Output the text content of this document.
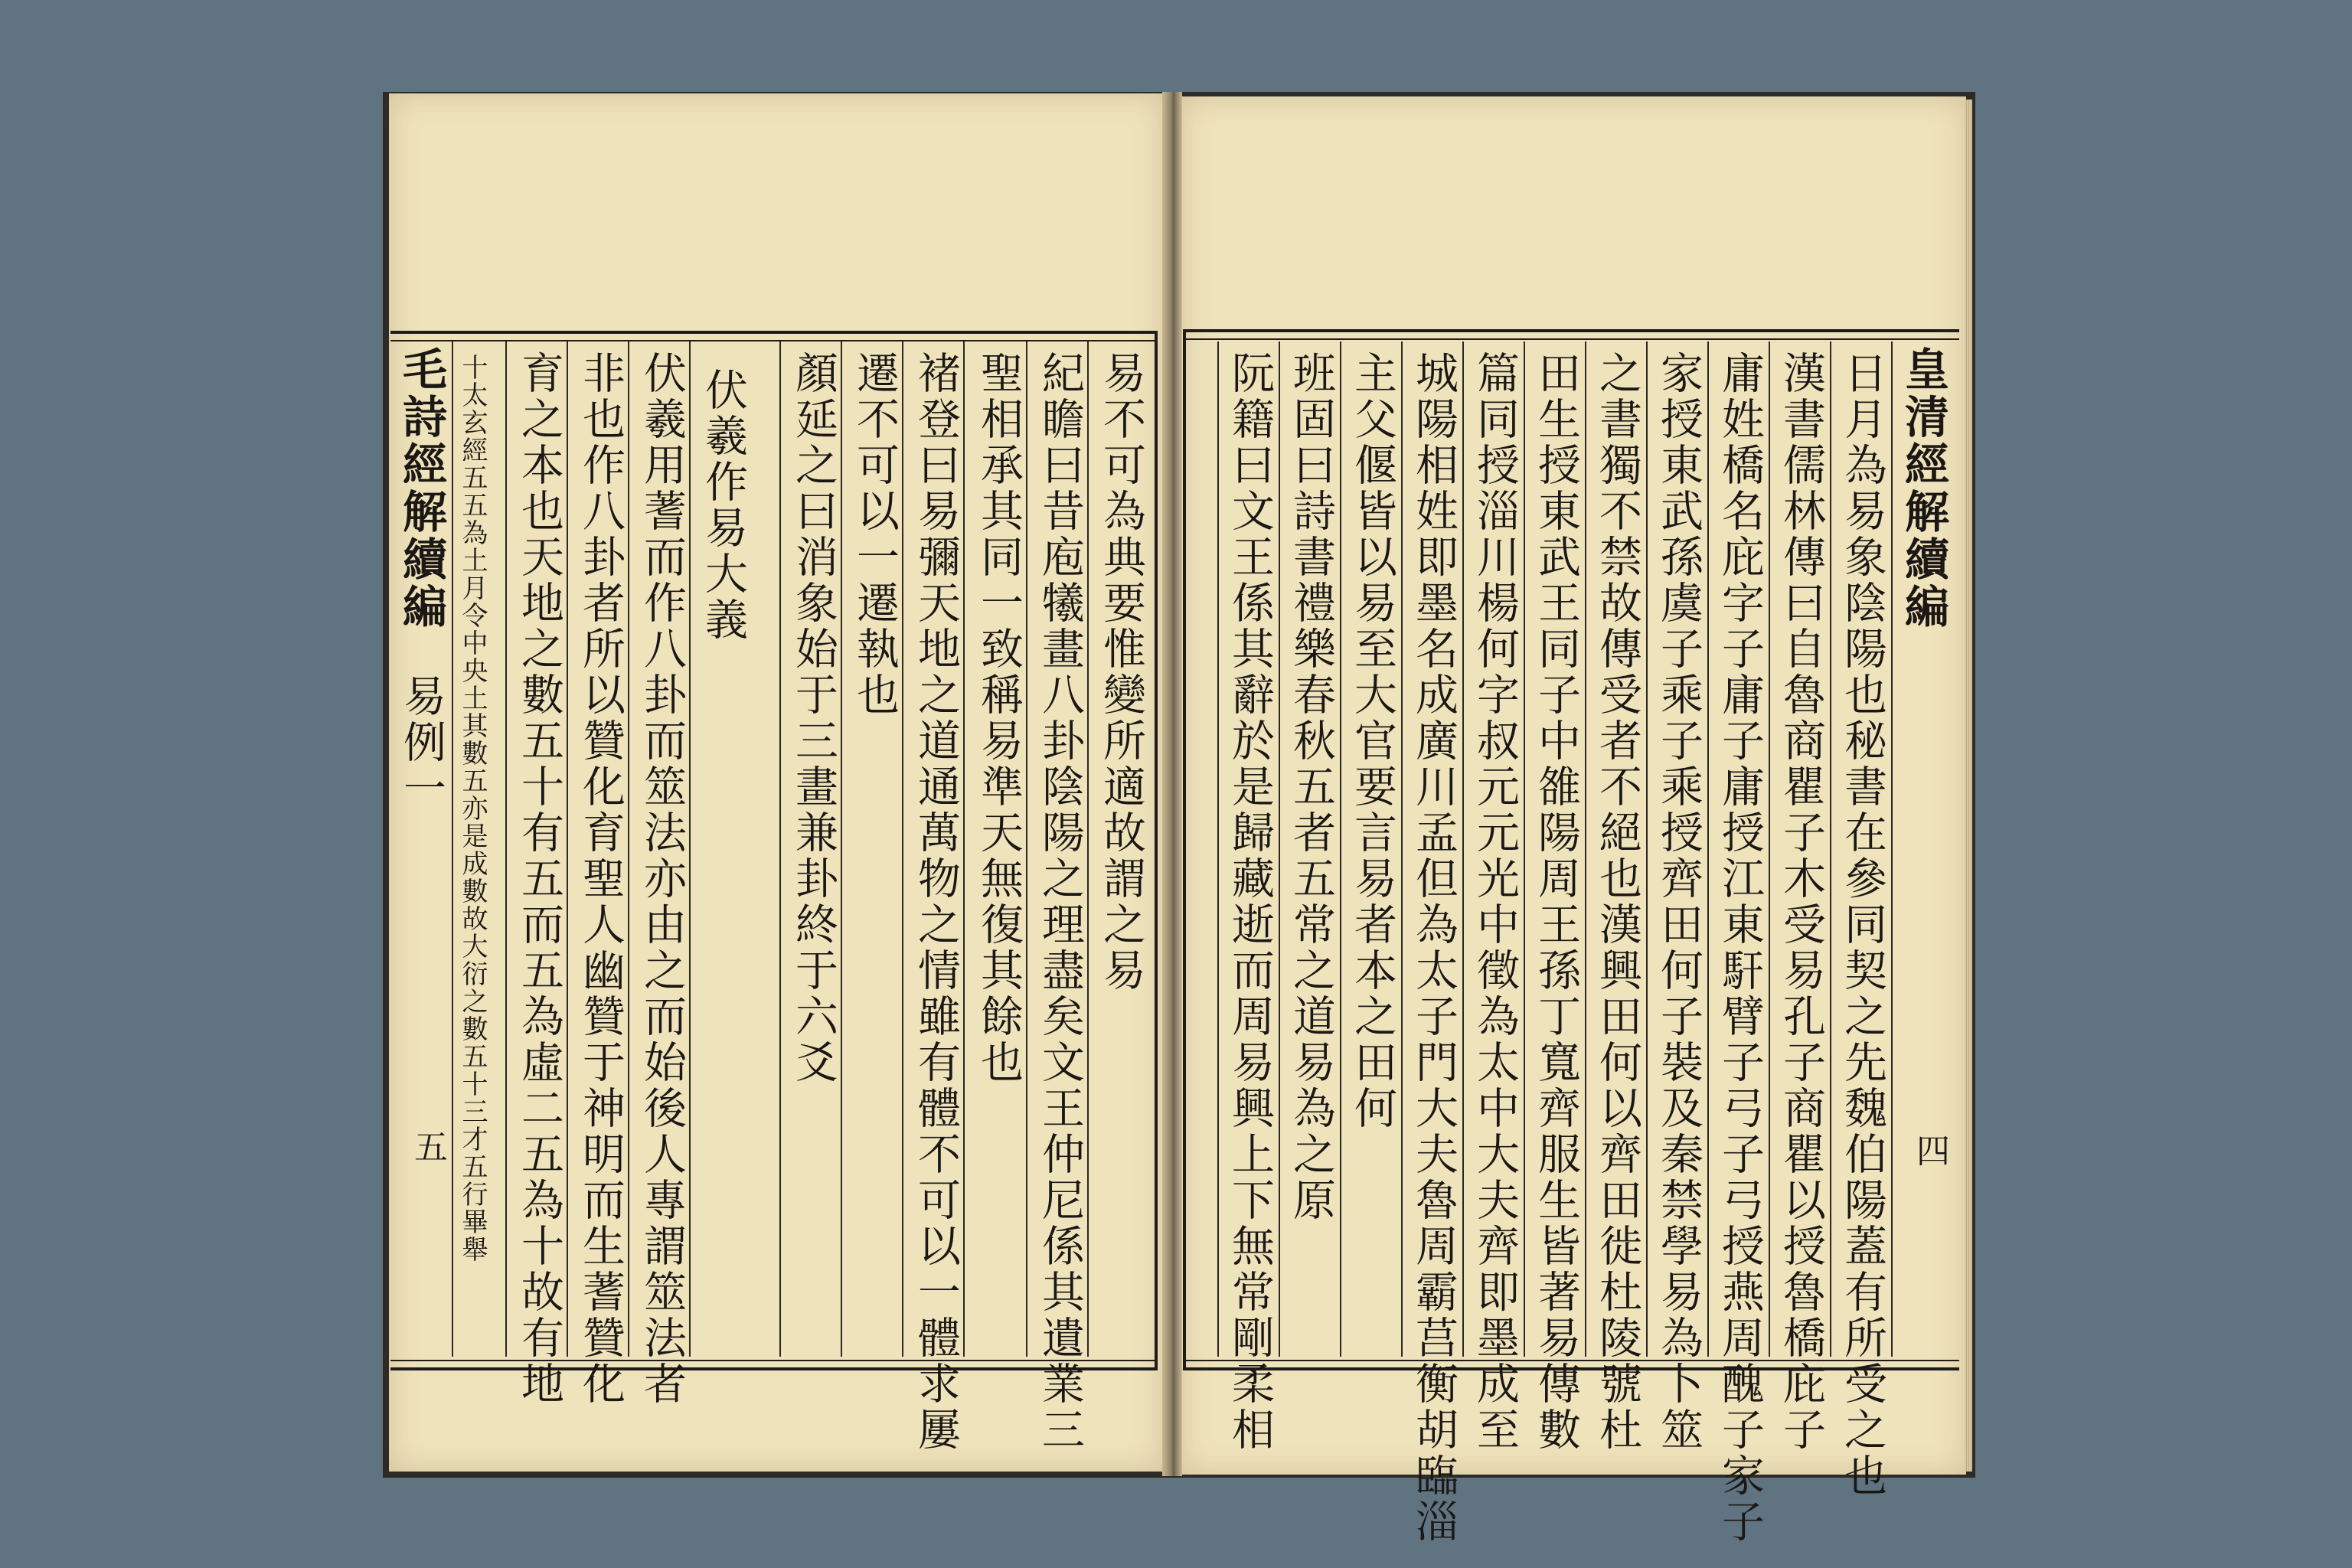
毛詩經解續編
易例一
五
易不可為典要惟變所適故謂之易
紀瞻曰昔庖犧畫八卦陰陽之理盡矣文王仲尼係其遺業三
聖相承其同一致稱易準天無復其餘也
褚登曰易彌天地之道通萬物之情雖有體不可以一體求屢
遷不可以一遷執也
顏延之曰消象始于三畫兼卦終于六爻
伏羲作易大義
伏羲用蓍而作八卦而筮法亦由之而始後人專謂筮法者
非也作八卦者所以贊化育聖人幽贊于神明而生蓍贊化
育之本也天地之數五十有五而五為虛二五為十故有地
十太玄經五五為土月令中央土其數五亦是成數故大衍之數五十三才五行畢舉	皇清經解續編
四
日月為易象陰陽也秘書在參同契之先魏伯陽蓋有所受之也
漢書儒林傳曰自魯商瞿子木受易孔子商瞿以授魯橋庇子
庸姓橋名庇字子庸子庸授江東馯臂子弓子弓授燕周醜子家子
家授東武孫虞子乘子乘授齊田何子裝及秦禁學易為卜筮
之書獨不禁故傳受者不絕也漢興田何以齊田徙杜陵號杜
田生授東武王同子中雒陽周王孫丁寬齊服生皆著易傳數
篇同授淄川楊何字叔元元光中徵為太中大夫齊即墨成至
城陽相姓即墨名成廣川孟但為太子門大夫魯周霸莒衡胡臨淄
主父偃皆以易至大官要言易者本之田何
班固曰詩書禮樂春秋五者五常之道易為之原
阮籍曰文王係其辭於是歸藏逝而周易興上下無常剛柔相
